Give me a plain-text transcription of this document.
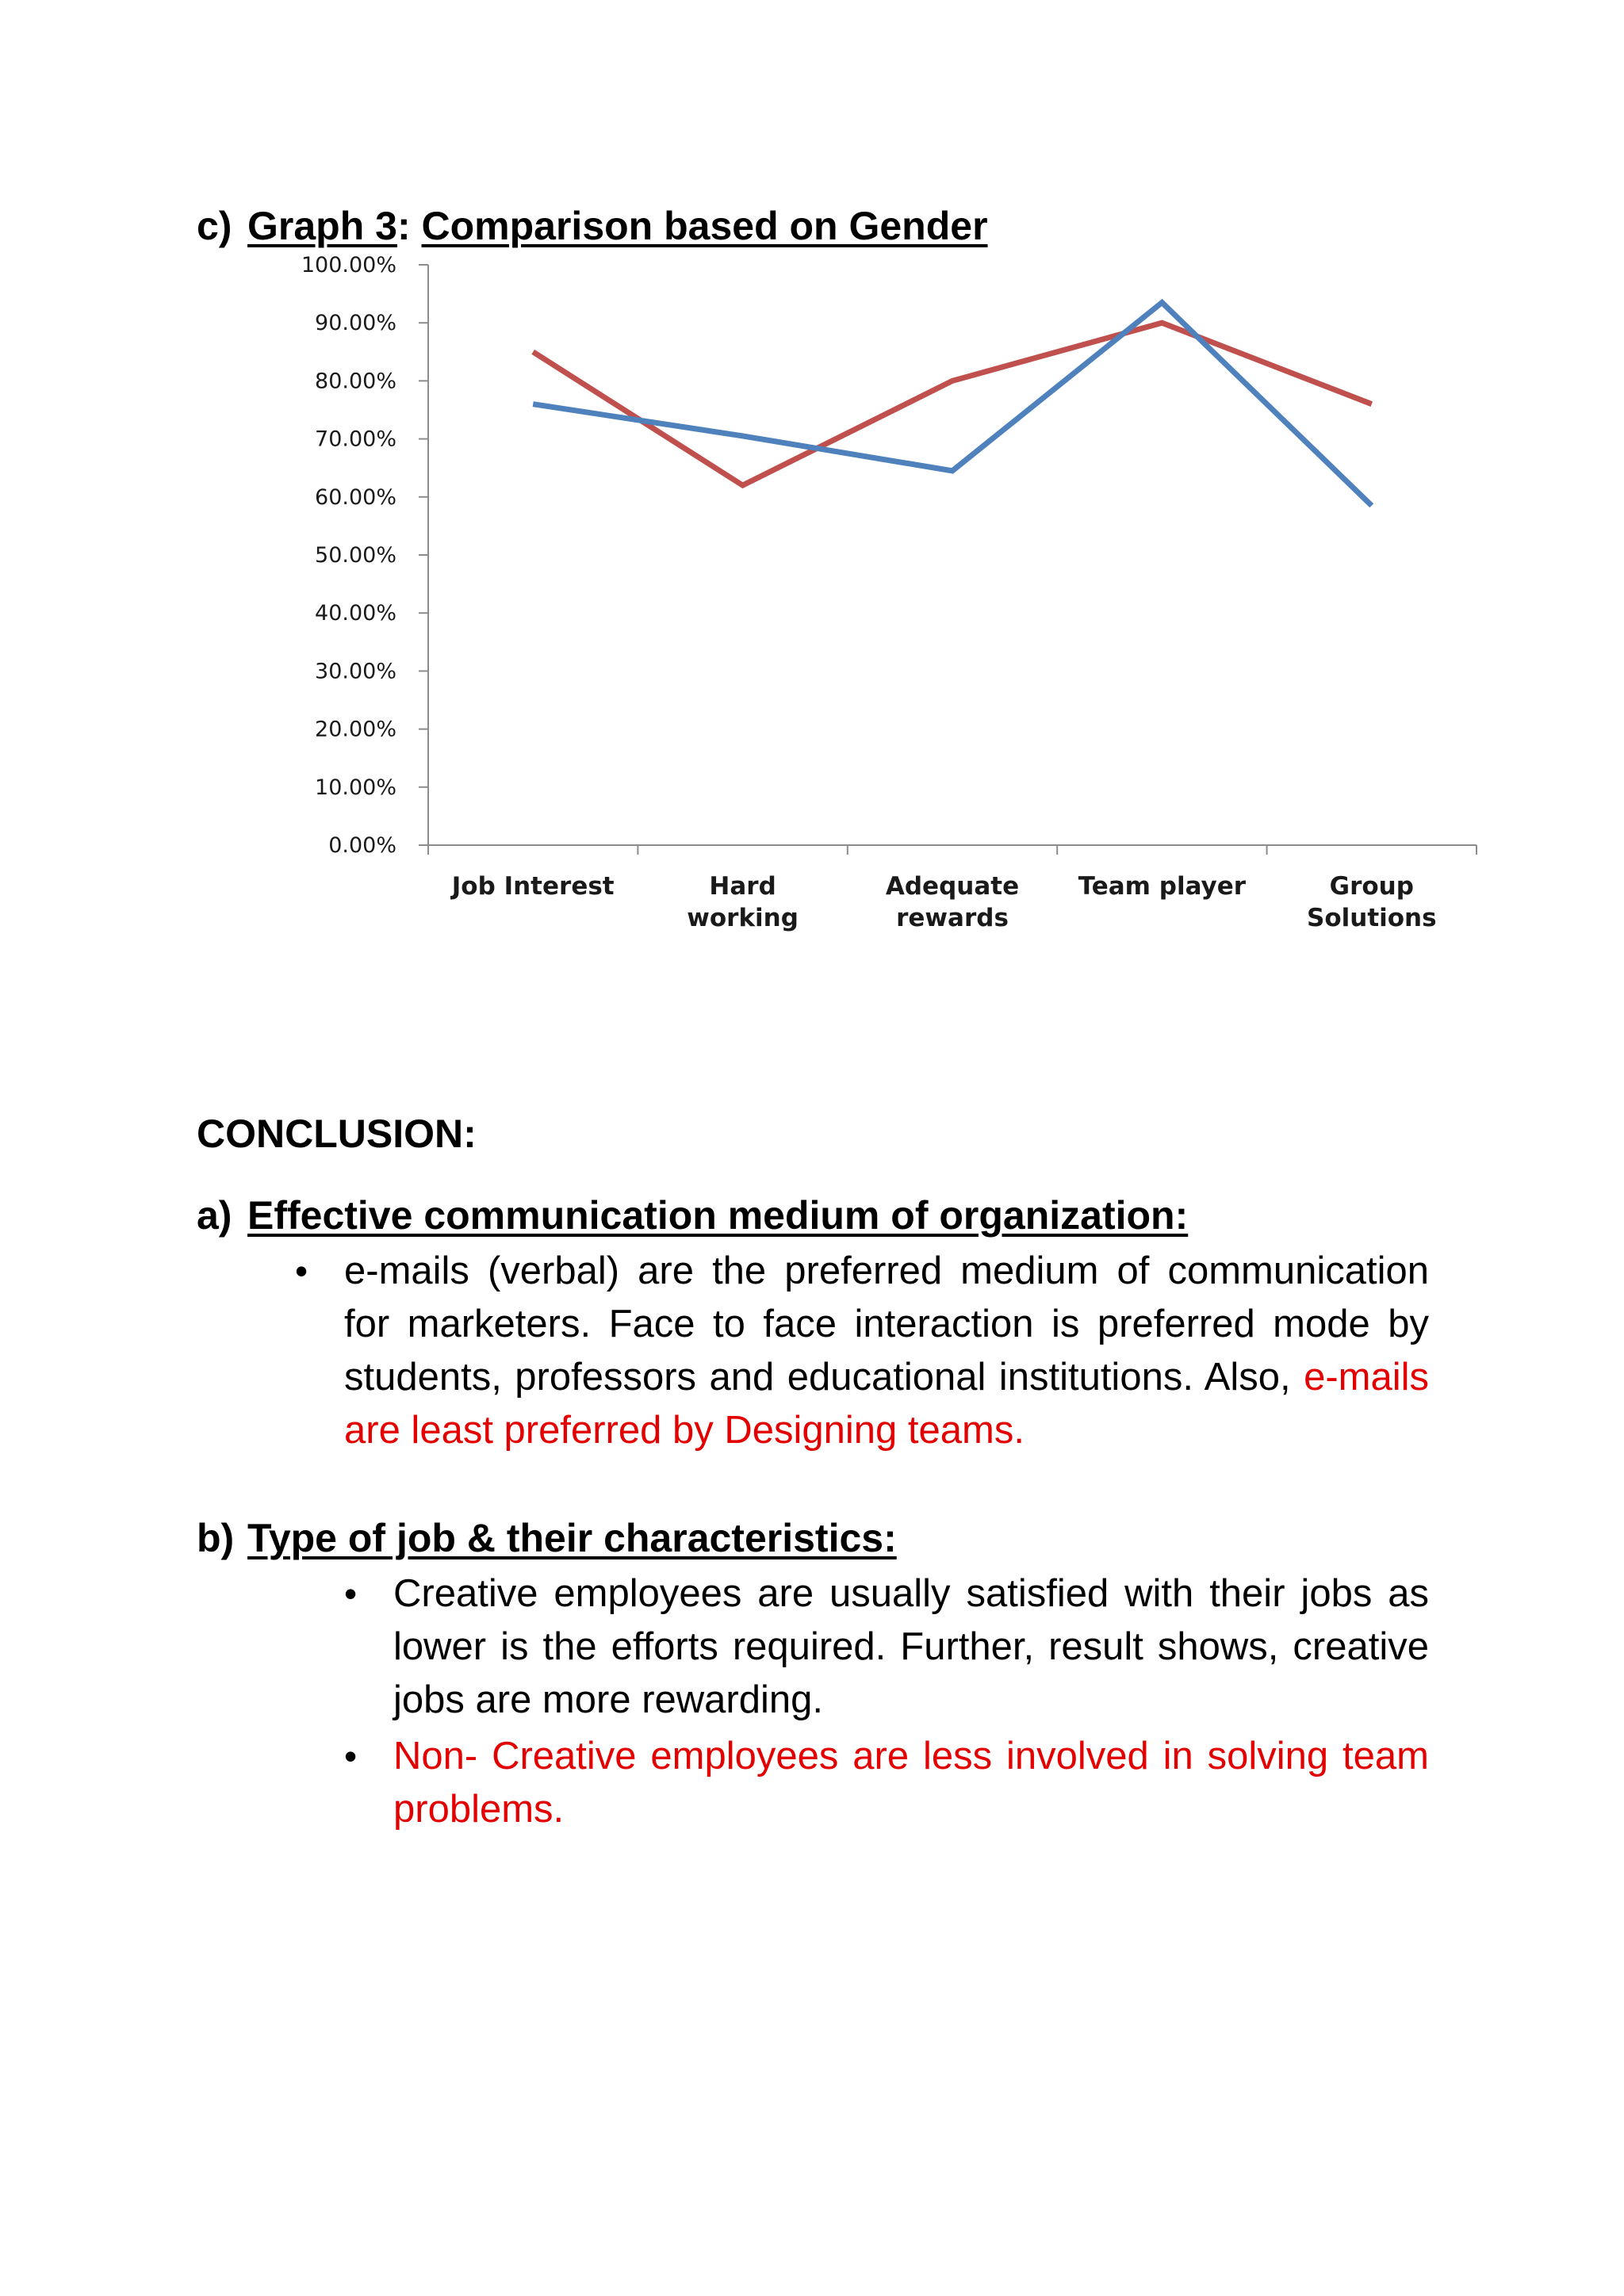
c) Graph 3: Comparison based on Gender
0.00%
10.00%
20.00%
30.00%
40.00%
50.00%
60.00%
70.00%
80.00%
90.00%
100.00%
Job Interest	Hard working
Adequate rewards
Team player	Group Solutions
CONCLUSION:
a) Effective communication medium of organization:
• e-mails (verbal) are the preferred medium of communication for marketers. Face to face interaction is preferred mode by students, professors and educational institutions. Also, e-mails are least preferred by Designing teams.
b) Type of job & their characteristics:
• Creative employees are usually satisfied with their jobs as lower is the efforts required. Further, result shows, creative jobs are more rewarding.
• Non- Creative employees are less involved in solving team problems.
